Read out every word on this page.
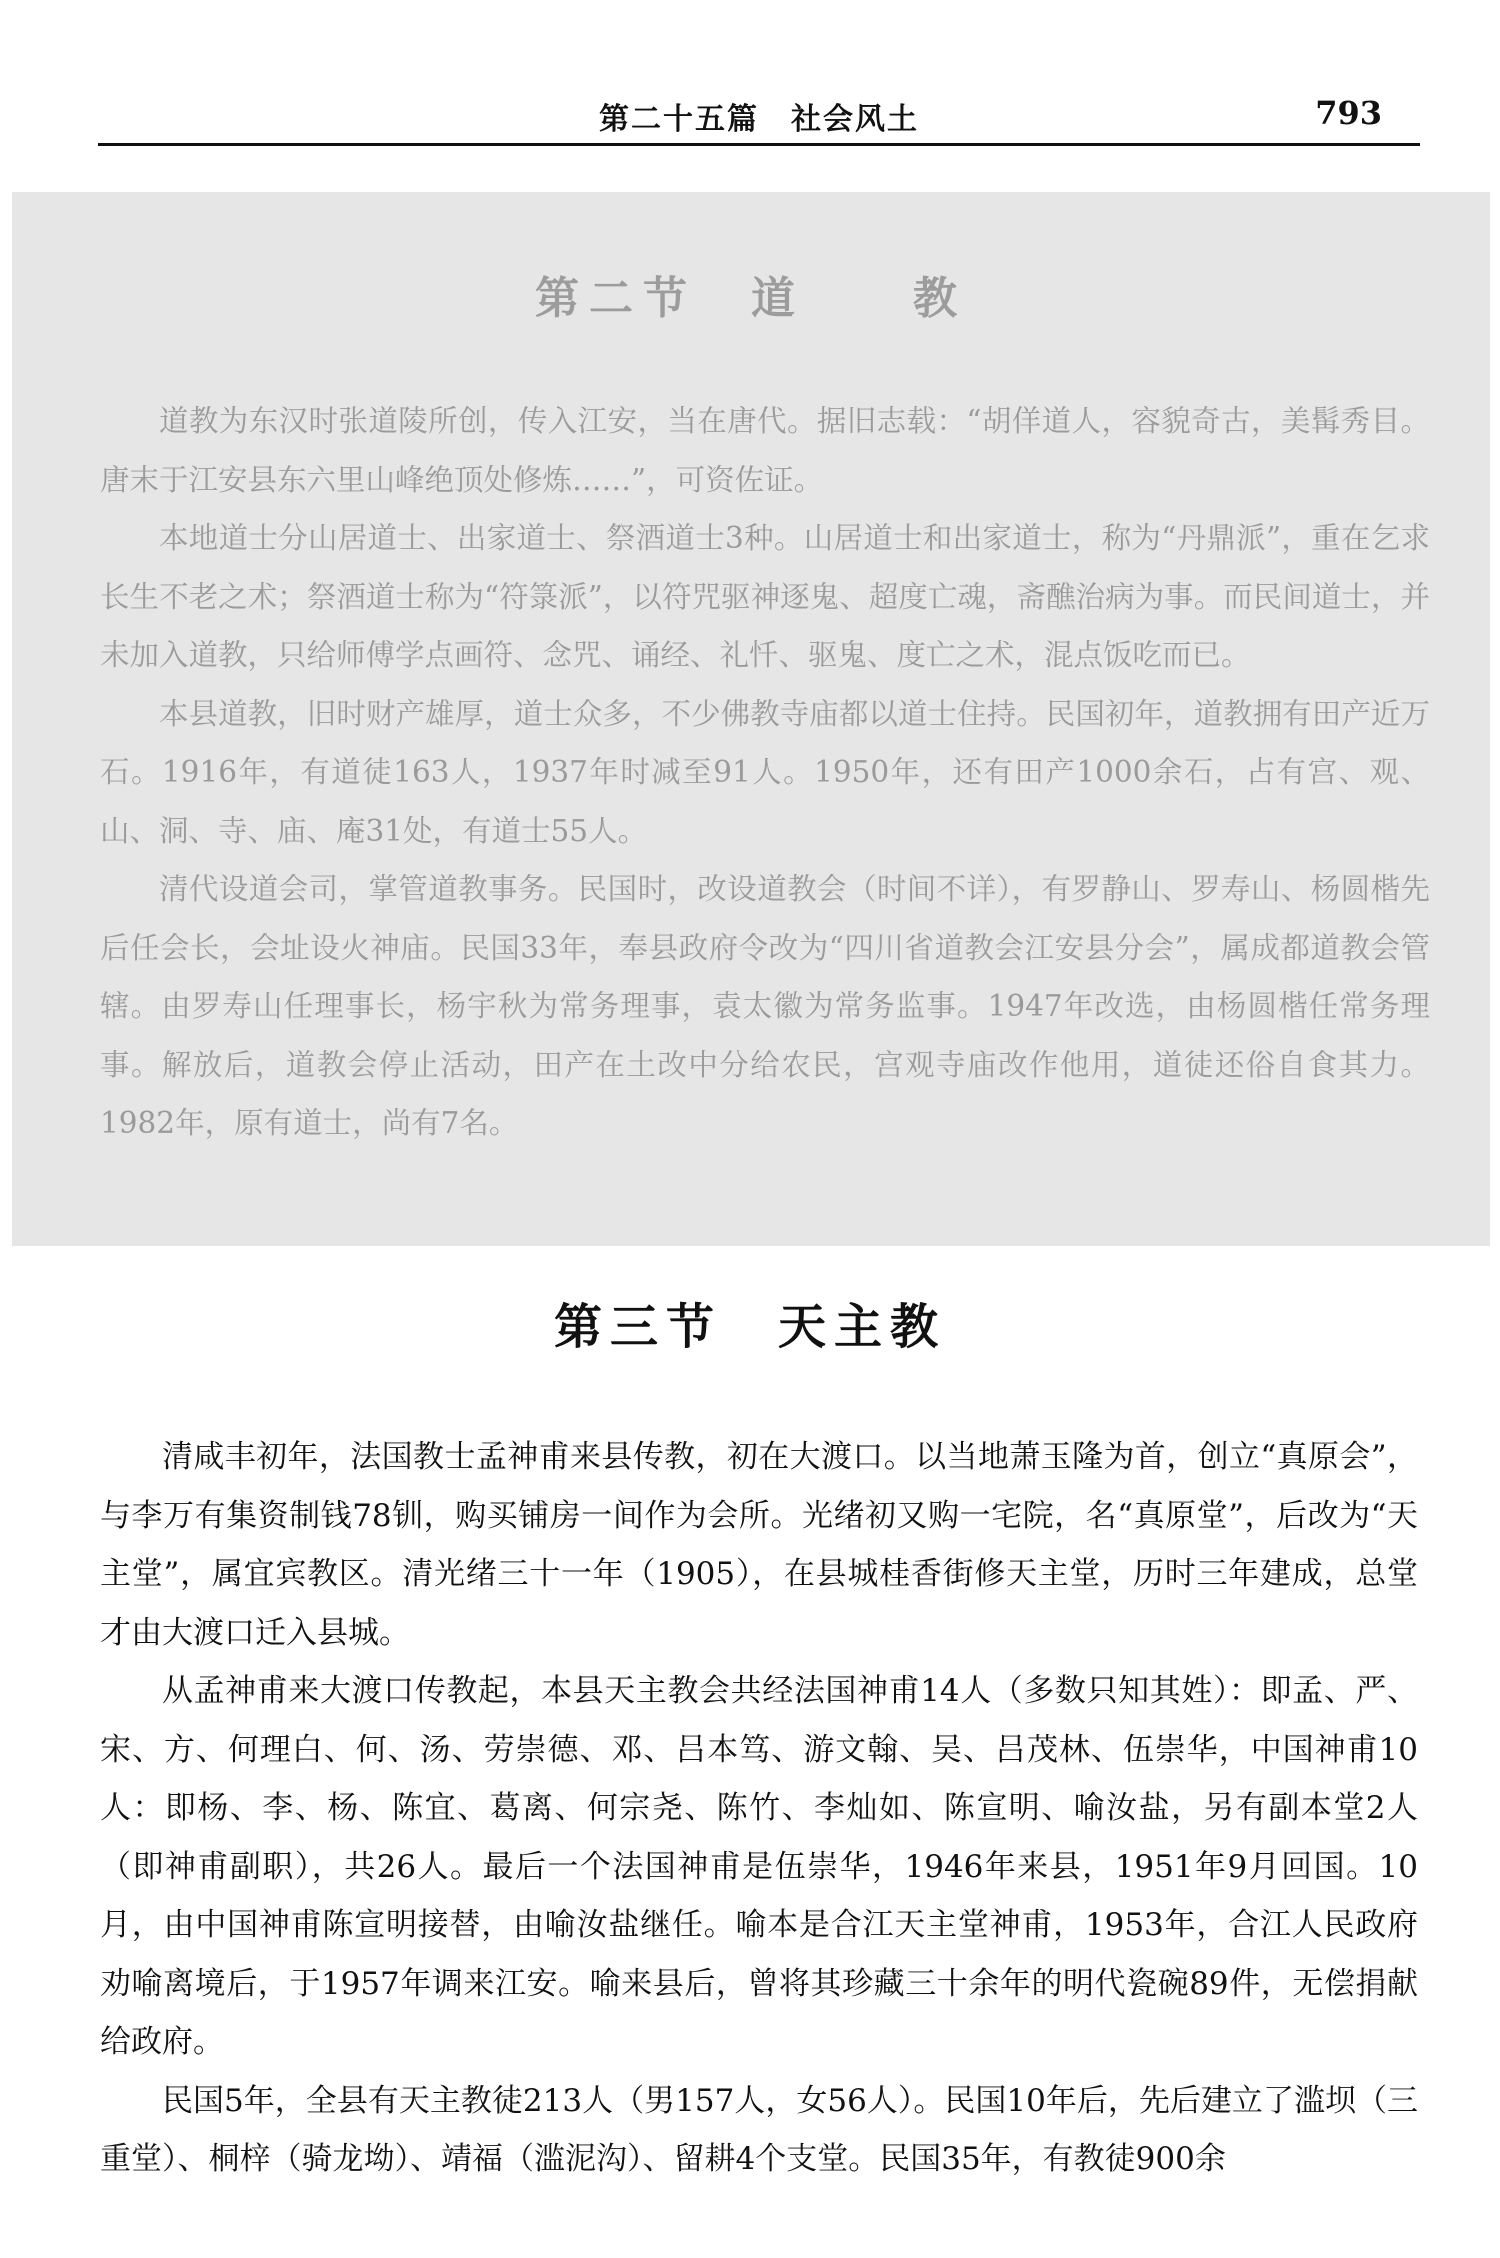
第二十五篇　社会风土	793
第二节　道　　教

道教为东汉时张道陵所创，传入江安，当在唐代。据旧志载：“胡佯道人，容貌奇古，美髯秀目。唐末于江安县东六里山峰绝顶处修炼……”，可资佐证。

本地道士分山居道士、出家道士、祭酒道士3种。山居道士和出家道士，称为“丹鼎派”，重在乞求长生不老之术；祭酒道士称为“符箓派”，以符咒驱神逐鬼、超度亡魂，斋醮治病为事。而民间道士，并未加入道教，只给师傅学点画符、念咒、诵经、礼忏、驱鬼、度亡之术，混点饭吃而已。

本县道教，旧时财产雄厚，道士众多，不少佛教寺庙都以道士住持。民国初年，道教拥有田产近万石。1916年，有道徒163人，1937年时减至91人。1950年，还有田产1000余石，占有宫、观、山、洞、寺、庙、庵31处，有道士55人。

清代设道会司，掌管道教事务。民国时，改设道教会（时间不详），有罗静山、罗寿山、杨圆楷先后任会长，会址设火神庙。民国33年，奉县政府令改为“四川省道教会江安县分会”，属成都道教会管辖。由罗寿山任理事长，杨宇秋为常务理事，袁太徽为常务监事。1947年改选，由杨圆楷任常务理事。解放后，道教会停止活动，田产在土改中分给农民，宫观寺庙改作他用，道徒还俗自食其力。1982年，原有道士，尚有7名。

第三节　天主教

清咸丰初年，法国教士孟神甫来县传教，初在大渡口。以当地萧玉隆为首，创立“真原会”，与李万有集资制钱78钏，购买铺房一间作为会所。光绪初又购一宅院，名“真原堂”，后改为“天主堂”，属宜宾教区。清光绪三十一年（1905），在县城桂香街修天主堂，历时三年建成，总堂才由大渡口迁入县城。

从孟神甫来大渡口传教起，本县天主教会共经法国神甫14人（多数只知其姓）：即孟、严、宋、方、何理白、何、汤、劳崇德、邓、吕本笃、游文翰、吴、吕茂林、伍崇华，中国神甫10人：即杨、李、杨、陈宜、葛离、何宗尧、陈竹、李灿如、陈宣明、喻汝盐，另有副本堂2人（即神甫副职），共26人。最后一个法国神甫是伍崇华，1946年来县，1951年9月回国。10月，由中国神甫陈宣明接替，由喻汝盐继任。喻本是合江天主堂神甫，1953年，合江人民政府劝喻离境后，于1957年调来江安。喻来县后，曾将其珍藏三十余年的明代瓷碗89件，无偿捐献给政府。

民国5年，全县有天主教徒213人（男157人，女56人）。民国10年后，先后建立了滥坝（三重堂）、桐梓（骑龙坳）、靖福（滥泥沟）、留耕4个支堂。民国35年，有教徒900余
